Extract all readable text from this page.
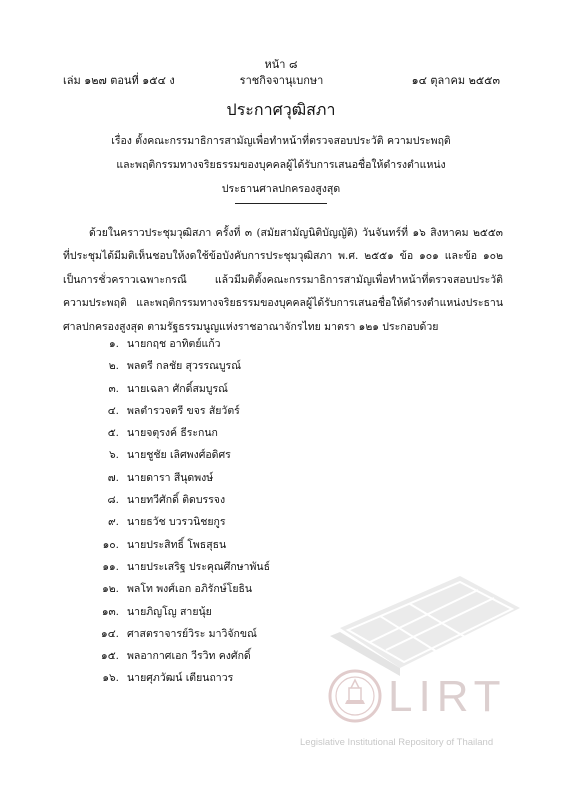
หน้า ๘
เล่ม ๑๒๗ ตอนที่ ๑๕๔ ง	ราชกิจจานุเบกษา	๑๔ ตุลาคม ๒๕๕๓
ประกาศวุฒิสภา
เรื่อง ตั้งคณะกรรมาธิการสามัญเพื่อทำหน้าที่ตรวจสอบประวัติ ความประพฤติ
และพฤติกรรมทางจริยธรรมของบุคคลผู้ได้รับการเสนอชื่อให้ดำรงตำแหน่ง
ประธานศาลปกครองสูงสุด
ด้วยในคราวประชุมวุฒิสภา ครั้งที่ ๓ (สมัยสามัญนิติบัญญัติ) วันจันทร์ที่ ๑๖ สิงหาคม ๒๕๕๓ ที่ประชุมได้มีมติเห็นชอบให้งดใช้ข้อบังคับการประชุมวุฒิสภา พ.ศ. ๒๕๕๑ ข้อ ๑๐๑ และข้อ ๑๐๒ เป็นการชั่วคราวเฉพาะกรณี แล้วมีมติตั้งคณะกรรมาธิการสามัญเพื่อทำหน้าที่ตรวจสอบประวัติ ความประพฤติ และพฤติกรรมทางจริยธรรมของบุคคลผู้ได้รับการเสนอชื่อให้ดำรงตำแหน่งประธานศาลปกครองสูงสุด ตามรัฐธรรมนูญแห่งราชอาณาจักรไทย มาตรา ๑๒๑ ประกอบด้วย
๑. นายกฤช อาทิตย์แก้ว
๒. พลตรี กลชัย สุวรรณบูรณ์
๓. นายเฉลา ศักดิ์สมบูรณ์
๔. พลตำรวจตรี ขจร สัยวัตร์
๕. นายจตุรงค์ ธีระกนก
๖. นายชูชัย เลิศพงศ์อดิศร
๗. นายดารา สีนุดพงษ์
๘. นายทวีศักดิ์ ติดบรรจง
๙. นายธวัช บวรวนิชยกูร
๑๐. นายประสิทธิ์ โพธสุธน
๑๑. นายประเสริฐ ประคุณศึกษาพันธ์
๑๒. พลโท พงศ์เอก อภิรักษ์โยธิน
๑๓. นายภิญโญ สายนุ้ย
๑๔. ศาสตราจารย์วิระ มาวิจักขณ์
๑๕. พลอากาศเอก วีรวิท คงศักดิ์
๑๖. นายศุภวัฒน์ เตียนถาวร	LIRT
Legislative Institutional Repository of Thailand
